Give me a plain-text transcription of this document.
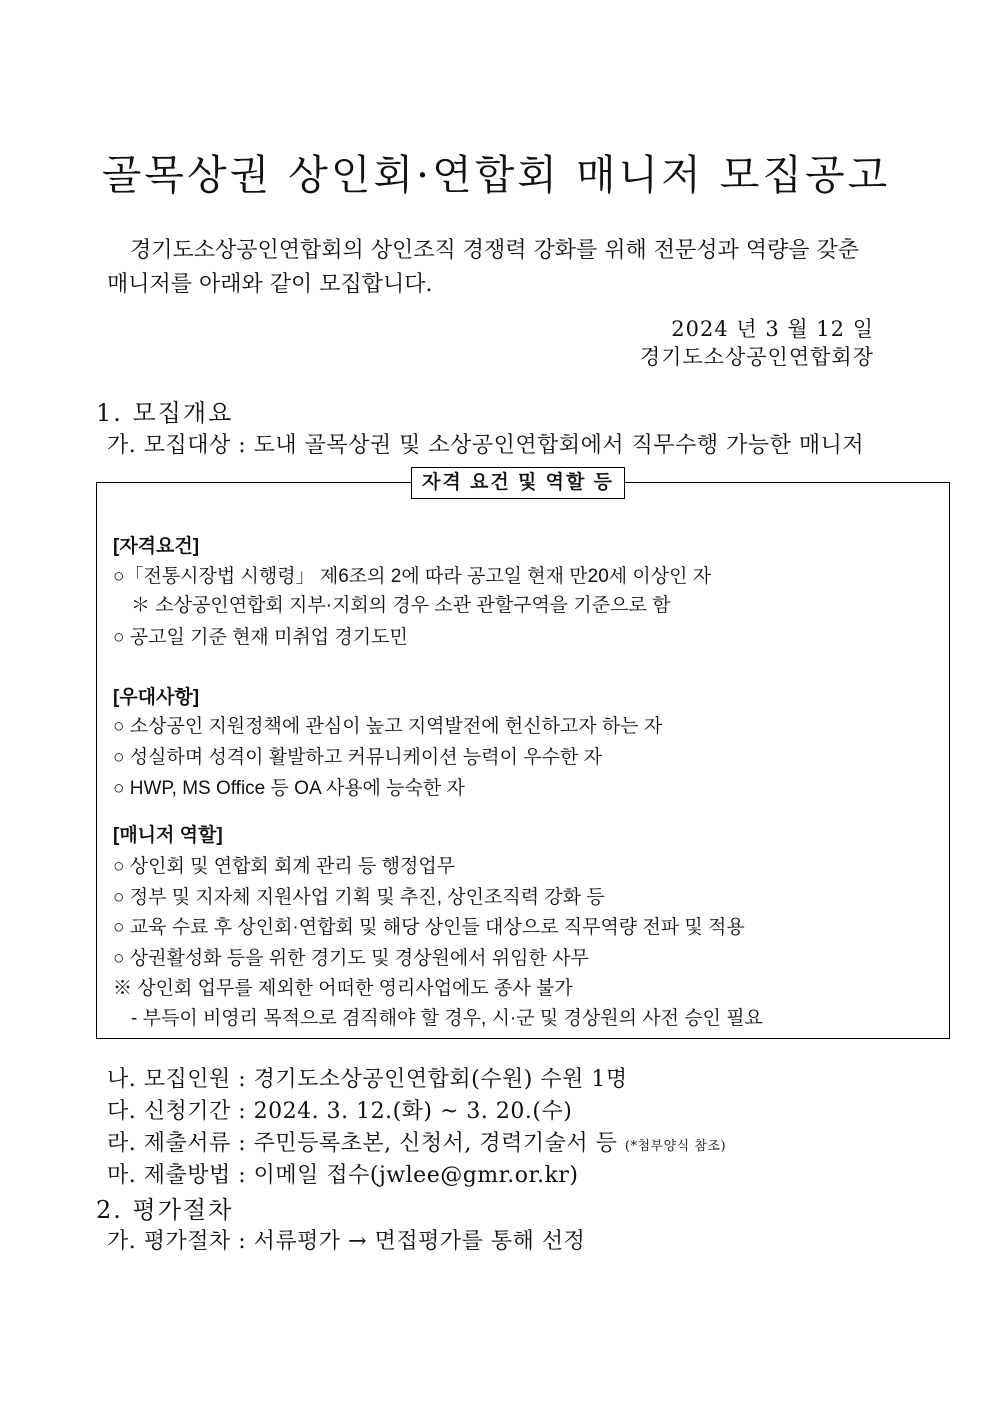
골목상권 상인회·연합회 매니저 모집공고
경기도소상공인연합회의 상인조직 경쟁력 강화를 위해 전문성과 역량을 갖춘
매니저를 아래와 같이 모집합니다.
2024 년 3 월 12 일
경기도소상공인연합회장
1. 모집개요
가. 모집대상 : 도내 골목상권 및 소상공인연합회에서 직무수행 가능한 매니저
자격 요건 및 역할 등
[자격요건]
○「전통시장법 시행령」 제6조의 2에 따라 공고일 현재 만20세 이상인 자
＊ 소상공인연합회 지부·지회의 경우 소관 관할구역을 기준으로 함
○ 공고일 기준 현재 미취업 경기도민
[우대사항]
○ 소상공인 지원정책에 관심이 높고 지역발전에 헌신하고자 하는 자
○ 성실하며 성격이 활발하고 커뮤니케이션 능력이 우수한 자
○ HWP, MS Office 등 OA 사용에 능숙한 자
[매니저 역할]
○ 상인회 및 연합회 회계 관리 등 행정업무
○ 정부 및 지자체 지원사업 기획 및 추진, 상인조직력 강화 등
○ 교육 수료 후 상인회·연합회 및 해당 상인들 대상으로 직무역량 전파 및 적용
○ 상권활성화 등을 위한 경기도 및 경상원에서 위임한 사무
※ 상인회 업무를 제외한 어떠한 영리사업에도 종사 불가
- 부득이 비영리 목적으로 겸직해야 할 경우, 시·군 및 경상원의 사전 승인 필요
나. 모집인원 : 경기도소상공인연합회(수원) 수원 1명
다. 신청기간 : 2024. 3. 12.(화) ~ 3. 20.(수)
라. 제출서류 : 주민등록초본, 신청서, 경력기술서 등 (*첨부양식 참조)
마. 제출방법 : 이메일 접수(jwlee@gmr.or.kr)
2. 평가절차
가. 평가절차 : 서류평가 → 면접평가를 통해 선정
